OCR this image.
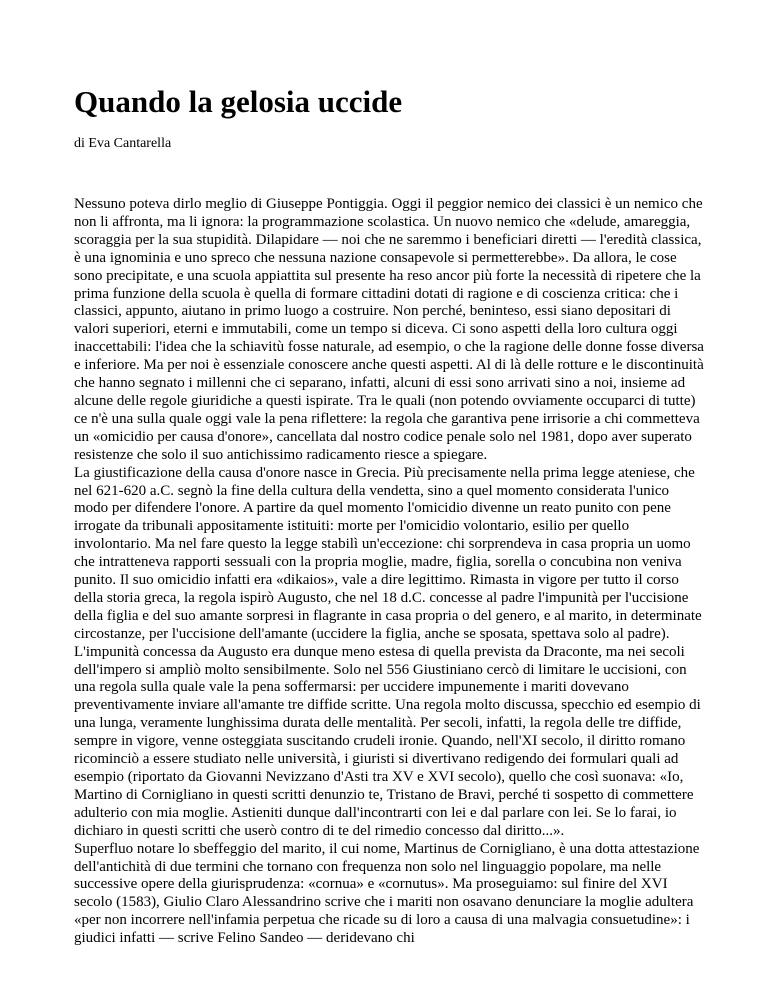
Quando la gelosia uccide

di Eva Cantarella

Nessuno poteva dirlo meglio di Giuseppe Pontiggia. Oggi il peggior nemico dei classici è un nemico che non li affronta, ma li ignora: la programmazione scolastica. Un nuovo nemico che «delude, amareggia, scoraggia per la sua stupidità. Dilapidare — noi che ne saremmo i beneficiari diretti — l'eredità classica, è una ignominia e uno spreco che nessuna nazione consapevole si permetterebbe». Da allora, le cose sono precipitate, e una scuola appiattita sul presente ha reso ancor più forte la necessità di ripetere che la prima funzione della scuola è quella di formare cittadini dotati di ragione e di coscienza critica: che i classici, appunto, aiutano in primo luogo a costruire. Non perché, beninteso, essi siano depositari di valori superiori, eterni e immutabili, come un tempo si diceva. Ci sono aspetti della loro cultura oggi inaccettabili: l'idea che la schiavitù fosse naturale, ad esempio, o che la ragione delle donne fosse diversa e inferiore. Ma per noi è essenziale conoscere anche questi aspetti. Al di là delle rotture e le discontinuità che hanno segnato i millenni che ci separano, infatti, alcuni di essi sono arrivati sino a noi, insieme ad alcune delle regole giuridiche a questi ispirate. Tra le quali (non potendo ovviamente occuparci di tutte) ce n'è una sulla quale oggi vale la pena riflettere: la regola che garantiva pene irrisorie a chi commetteva un «omicidio per causa d'onore», cancellata dal nostro codice penale solo nel 1981, dopo aver superato resistenze che solo il suo antichissimo radicamento riesce a spiegare.

La giustificazione della causa d'onore nasce in Grecia. Più precisamente nella prima legge ateniese, che nel 621-620 a.C. segnò la fine della cultura della vendetta, sino a quel momento considerata l'unico modo per difendere l'onore. A partire da quel momento l'omicidio divenne un reato punito con pene irrogate da tribunali appositamente istituiti: morte per l'omicidio volontario, esilio per quello involontario. Ma nel fare questo la legge stabilì un'eccezione: chi sorprendeva in casa propria un uomo che intratteneva rapporti sessuali con la propria moglie, madre, figlia, sorella o concubina non veniva punito. Il suo omicidio infatti era «dikaios», vale a dire legittimo. Rimasta in vigore per tutto il corso della storia greca, la regola ispirò Augusto, che nel 18 d.C. concesse al padre l'impunità per l'uccisione della figlia e del suo amante sorpresi in flagrante in casa propria o del genero, e al marito, in determinate circostanze, per l'uccisione dell'amante (uccidere la figlia, anche se sposata, spettava solo al padre). L'impunità concessa da Augusto era dunque meno estesa di quella prevista da Draconte, ma nei secoli dell'impero si ampliò molto sensibilmente. Solo nel 556 Giustiniano cercò di limitare le uccisioni, con una regola sulla quale vale la pena soffermarsi: per uccidere impunemente i mariti dovevano preventivamente inviare all'amante tre diffide scritte. Una regola molto discussa, specchio ed esempio di una lunga, veramente lunghissima durata delle mentalità. Per secoli, infatti, la regola delle tre diffide, sempre in vigore, venne osteggiata suscitando crudeli ironie. Quando, nell'XI secolo, il diritto romano ricominciò a essere studiato nelle università, i giuristi si divertivano redigendo dei formulari quali ad esempio (riportato da Giovanni Nevizzano d'Asti tra XV e XVI secolo), quello che così suonava: «Io, Martino di Cornigliano in questi scritti denunzio te, Tristano de Bravi, perché ti sospetto di commettere adulterio con mia moglie. Astieniti dunque dall'incontrarti con lei e dal parlare con lei. Se lo farai, io dichiaro in questi scritti che userò contro di te del rimedio concesso dal diritto...».

Superfluo notare lo sbeffeggio del marito, il cui nome, Martinus de Cornigliano, è una dotta attestazione dell'antichità di due termini che tornano con frequenza non solo nel linguaggio popolare, ma nelle successive opere della giurisprudenza: «cornua» e «cornutus». Ma proseguiamo: sul finire del XVI secolo (1583), Giulio Claro Alessandrino scrive che i mariti non osavano denunciare la moglie adultera «per non incorrere nell'infamia perpetua che ricade su di loro a causa di una malvagia consuetudine»: i giudici infatti — scrive Felino Sandeo — deridevano chi
